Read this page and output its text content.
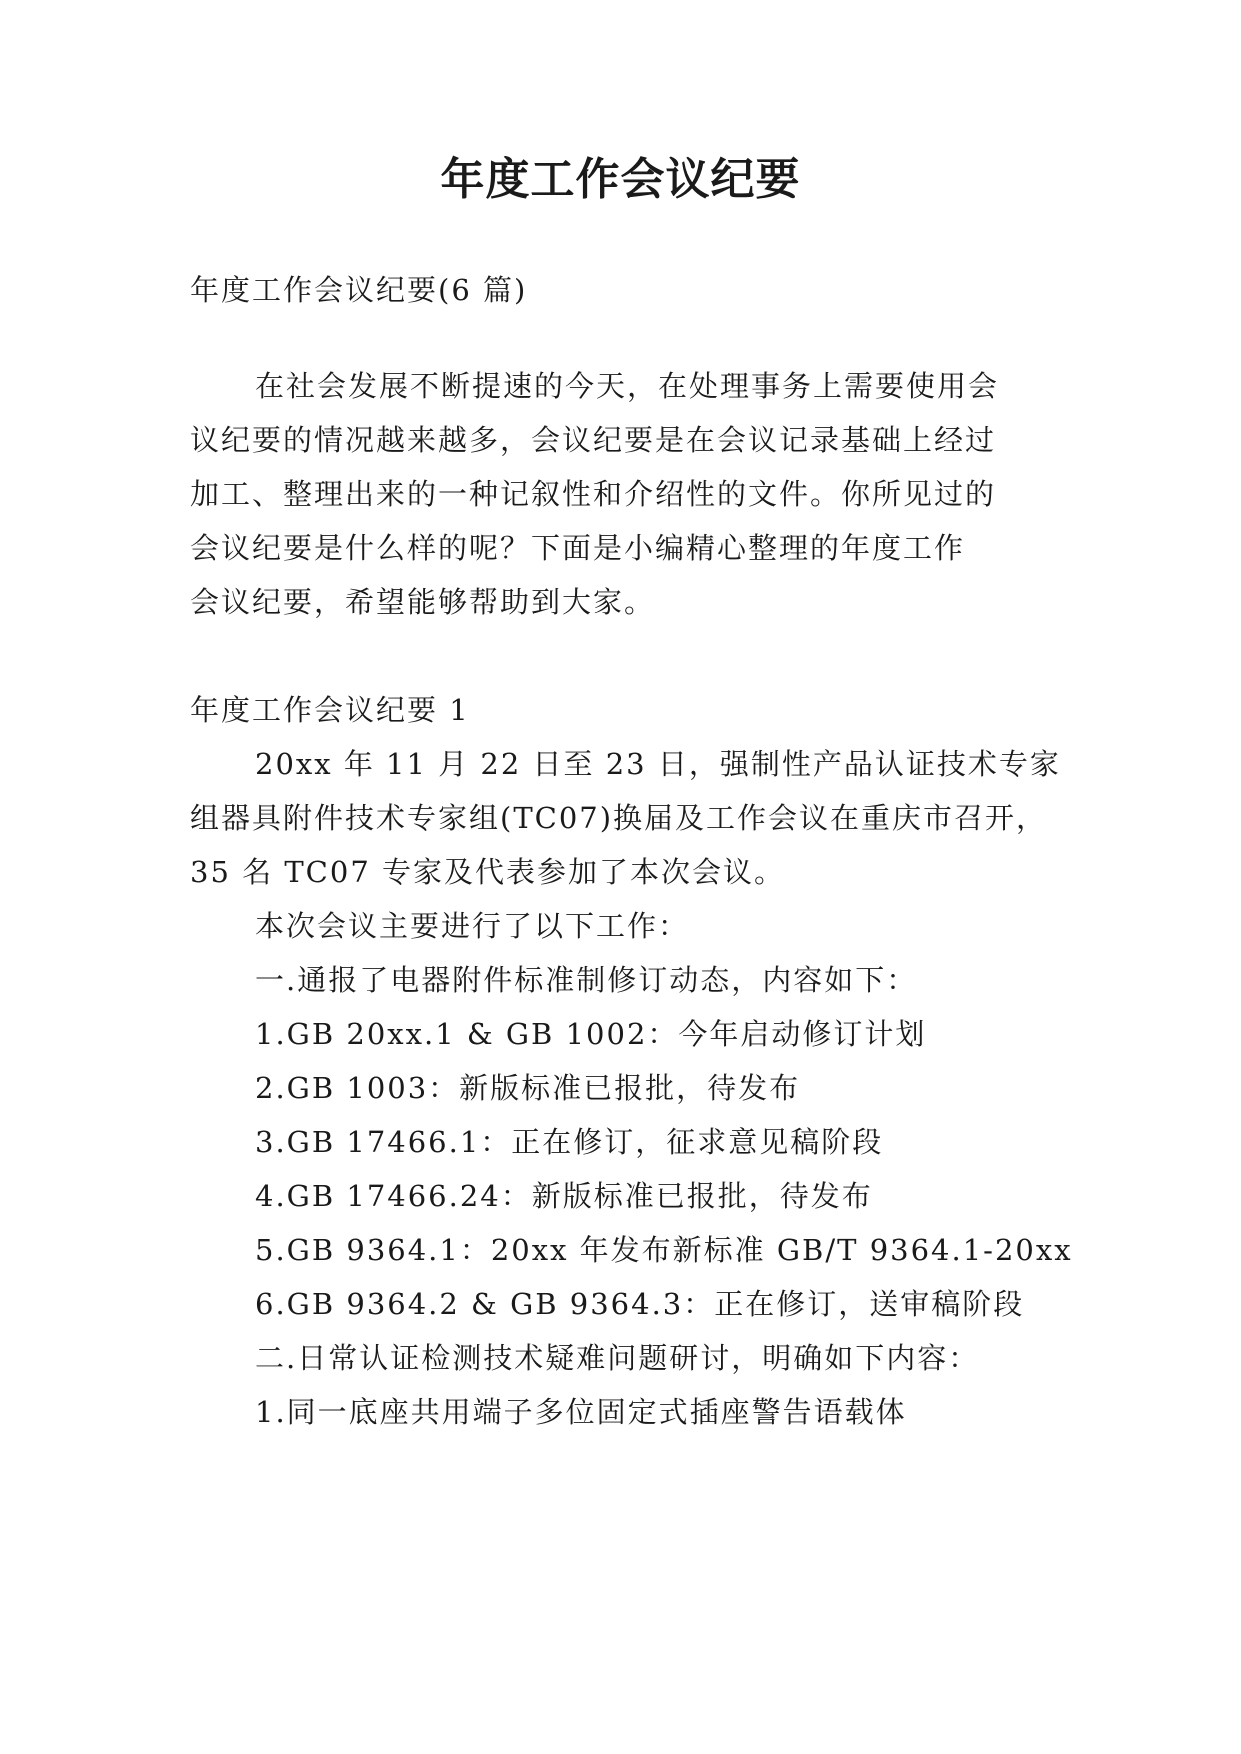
年度工作会议纪要
年度工作会议纪要(6 篇)
在社会发展不断提速的今天，在处理事务上需要使用会
议纪要的情况越来越多，会议纪要是在会议记录基础上经过
加工、整理出来的一种记叙性和介绍性的文件。你所见过的
会议纪要是什么样的呢？下面是小编精心整理的年度工作
会议纪要，希望能够帮助到大家。
年度工作会议纪要 1
20xx 年 11 月 22 日至 23 日，强制性产品认证技术专家
组器具附件技术专家组(TC07)换届及工作会议在重庆市召开，
35 名 TC07 专家及代表参加了本次会议。
本次会议主要进行了以下工作：
一.通报了电器附件标准制修订动态，内容如下：
1.GB 20xx.1 & GB 1002：今年启动修订计划
2.GB 1003：新版标准已报批，待发布
3.GB 17466.1：正在修订，征求意见稿阶段
4.GB 17466.24：新版标准已报批，待发布
5.GB 9364.1：20xx 年发布新标准 GB/T 9364.1-20xx
6.GB 9364.2 & GB 9364.3：正在修订，送审稿阶段
二.日常认证检测技术疑难问题研讨，明确如下内容：
1.同一底座共用端子多位固定式插座警告语载体
